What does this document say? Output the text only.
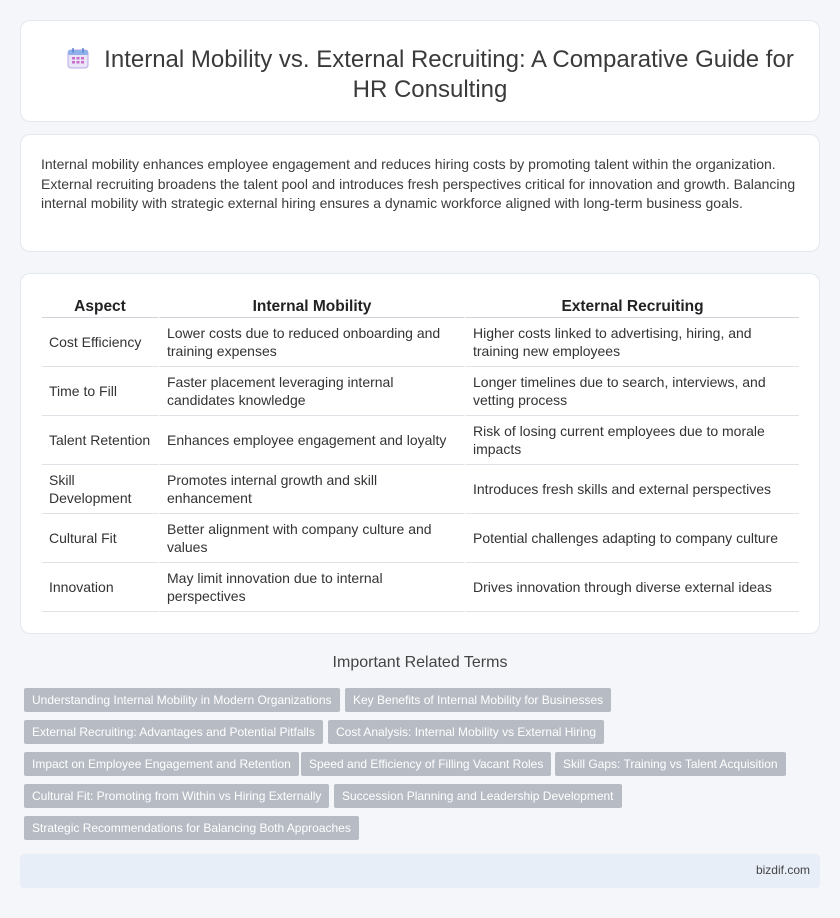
Internal Mobility vs. External Recruiting: A Comparative Guide for HR Consulting

Internal mobility enhances employee engagement and reduces hiring costs by promoting talent within the organization. External recruiting broadens the talent pool and introduces fresh perspectives critical for innovation and growth. Balancing internal mobility with strategic external hiring ensures a dynamic workforce aligned with long-term business goals.

Aspect	Internal Mobility	External Recruiting
Cost Efficiency	Lower costs due to reduced onboarding and training expenses	Higher costs linked to advertising, hiring, and training new employees
Time to Fill	Faster placement leveraging internal candidates knowledge	Longer timelines due to search, interviews, and vetting process
Talent Retention	Enhances employee engagement and loyalty	Risk of losing current employees due to morale impacts
Skill Development	Promotes internal growth and skill enhancement	Introduces fresh skills and external perspectives
Cultural Fit	Better alignment with company culture and values	Potential challenges adapting to company culture
Innovation	May limit innovation due to internal perspectives	Drives innovation through diverse external ideas
Important Related Terms
Understanding Internal Mobility in Modern Organizations	Key Benefits of Internal Mobility for Businesses
External Recruiting: Advantages and Potential Pitfalls	Cost Analysis: Internal Mobility vs External Hiring
Impact on Employee Engagement and Retention	Speed and Efficiency of Filling Vacant Roles	Skill Gaps: Training vs Talent Acquisition
Cultural Fit: Promoting from Within vs Hiring Externally	Succession Planning and Leadership Development
Strategic Recommendations for Balancing Both Approaches
bizdif.com
